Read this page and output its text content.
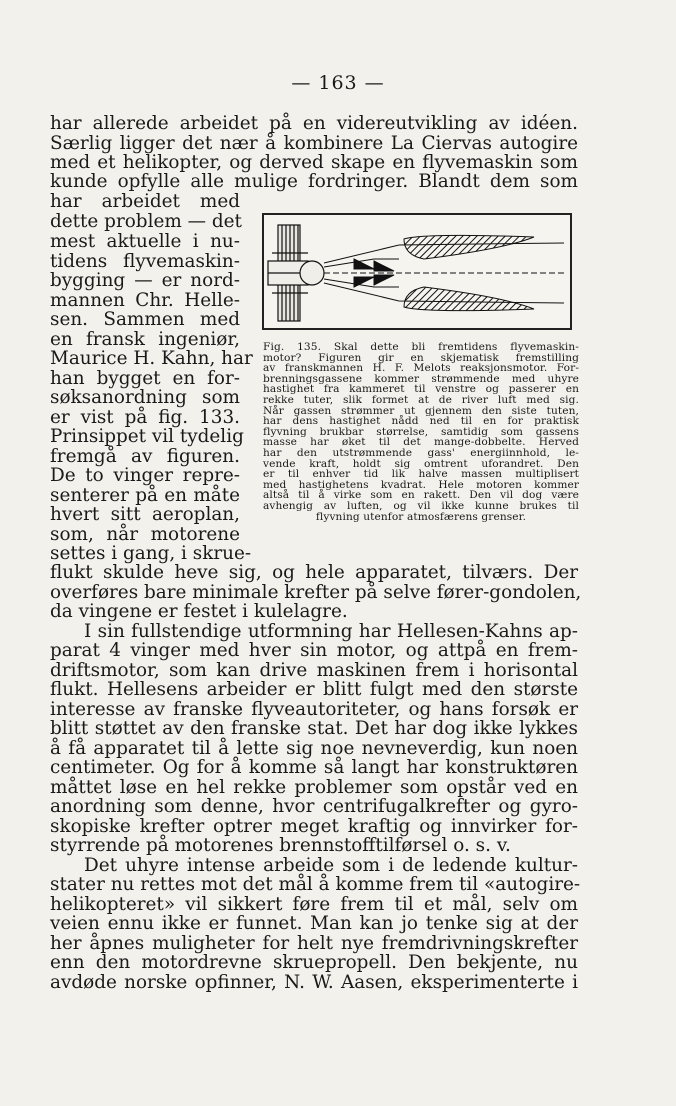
— 163 —
har allerede arbeidet på en videreutvikling av idéen.
Særlig ligger det nær å kombinere La Ciervas autogire
med et helikopter, og derved skape en flyvemaskin som
kunde opfylle alle mulige fordringer. Blandt dem som
har arbeidet med
dette problem — det
mest aktuelle i nu-
tidens flyvemaskin-
bygging — er nord-
mannen Chr. Helle-
sen. Sammen med
en fransk ingeniør,
Maurice H. Kahn, har
han bygget en for-
søksanordning som
er vist på fig. 133.
Prinsippet vil tydelig
fremgå av figuren.
De to vinger repre-
senterer på en måte
hvert sitt aeroplan,
som, når motorene
settes i gang, i skrue-
Fig. 135. Skal dette bli fremtidens flyvemaskin-
motor? Figuren gir en skjematisk fremstilling
av franskmannen H. F. Melots reaksjonsmotor. For-
brenningsgassene kommer strømmende med uhyre
hastighet fra kammeret til venstre og passerer en
rekke tuter, slik formet at de river luft med sig.
Når gassen strømmer ut gjennem den siste tuten,
har dens hastighet nådd ned til en for praktisk
flyvning brukbar størrelse, samtidig som gassens
masse har øket til det mange-dobbelte. Herved
har den utstrømmende gass' energiinnhold, le-
vende kraft, holdt sig omtrent uforandret. Den
er til enhver tid lik halve massen multiplisert
med hastighetens kvadrat. Hele motoren kommer
altså til å virke som en rakett. Den vil dog være
avhengig av luften, og vil ikke kunne brukes til
flyvning utenfor atmosfærens grenser.
flukt skulde heve sig, og hele apparatet, tilværs. Der
overføres bare minimale krefter på selve fører-gondolen,
da vingene er festet i kulelagre.
I sin fullstendige utformning har Hellesen-Kahns ap-
parat 4 vinger med hver sin motor, og attpå en frem-
driftsmotor, som kan drive maskinen frem i horisontal
flukt. Hellesens arbeider er blitt fulgt med den største
interesse av franske flyveautoriteter, og hans forsøk er
blitt støttet av den franske stat. Det har dog ikke lykkes
å få apparatet til å lette sig noe nevneverdig, kun noen
centimeter. Og for å komme så langt har konstruktøren
måttet løse en hel rekke problemer som opstår ved en
anordning som denne, hvor centrifugalkrefter og gyro-
skopiske krefter optrer meget kraftig og innvirker for-
styrrende på motorenes brennstofftilførsel o. s. v.
Det uhyre intense arbeide som i de ledende kultur-
stater nu rettes mot det mål å komme frem til «autogire-
helikopteret» vil sikkert føre frem til et mål, selv om
veien ennu ikke er funnet. Man kan jo tenke sig at der
her åpnes muligheter for helt nye fremdrivningskrefter
enn den motordrevne skruepropell. Den bekjente, nu
avdøde norske opfinner, N. W. Aasen, eksperimenterte i
